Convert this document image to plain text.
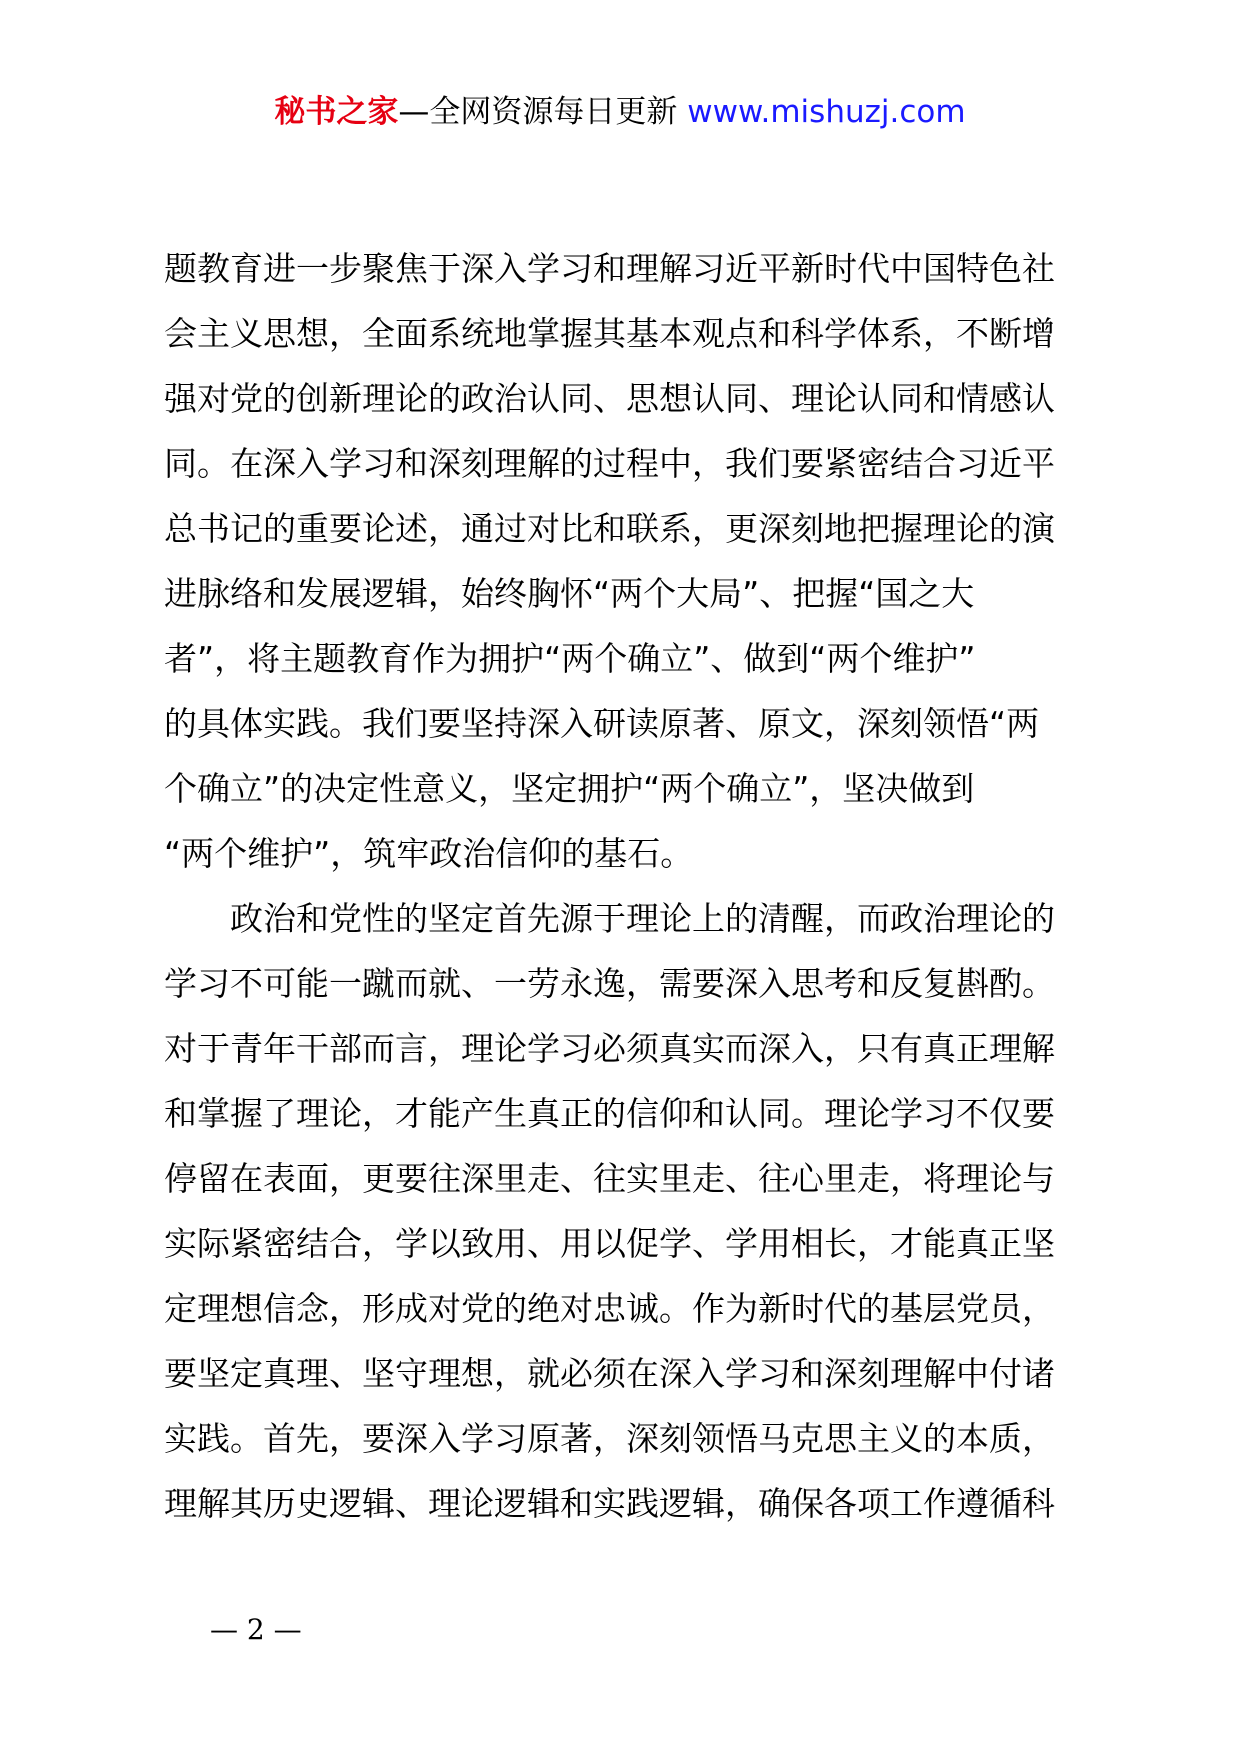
秘书之家—全网资源每日更新 www.mishuzj.com
题教育进一步聚焦于深入学习和理解习近平新时代中国特色社
会主义思想，全面系统地掌握其基本观点和科学体系，不断增
强对党的创新理论的政治认同、思想认同、理论认同和情感认
同。在深入学习和深刻理解的过程中，我们要紧密结合习近平
总书记的重要论述，通过对比和联系，更深刻地把握理论的演
进脉络和发展逻辑，始终胸怀“两个大局”、把握“国之大
者”，将主题教育作为拥护“两个确立”、做到“两个维护”
的具体实践。我们要坚持深入研读原著、原文，深刻领悟“两
个确立”的决定性意义，坚定拥护“两个确立”，坚决做到
“两个维护”，筑牢政治信仰的基石。
　　政治和党性的坚定首先源于理论上的清醒，而政治理论的
学习不可能一蹴而就、一劳永逸，需要深入思考和反复斟酌。
对于青年干部而言，理论学习必须真实而深入，只有真正理解
和掌握了理论，才能产生真正的信仰和认同。理论学习不仅要
停留在表面，更要往深里走、往实里走、往心里走，将理论与
实际紧密结合，学以致用、用以促学、学用相长，才能真正坚
定理想信念，形成对党的绝对忠诚。作为新时代的基层党员，
要坚定真理、坚守理想，就必须在深入学习和深刻理解中付诸
实践。首先，要深入学习原著，深刻领悟马克思主义的本质，
理解其历史逻辑、理论逻辑和实践逻辑，确保各项工作遵循科
— 2 —
